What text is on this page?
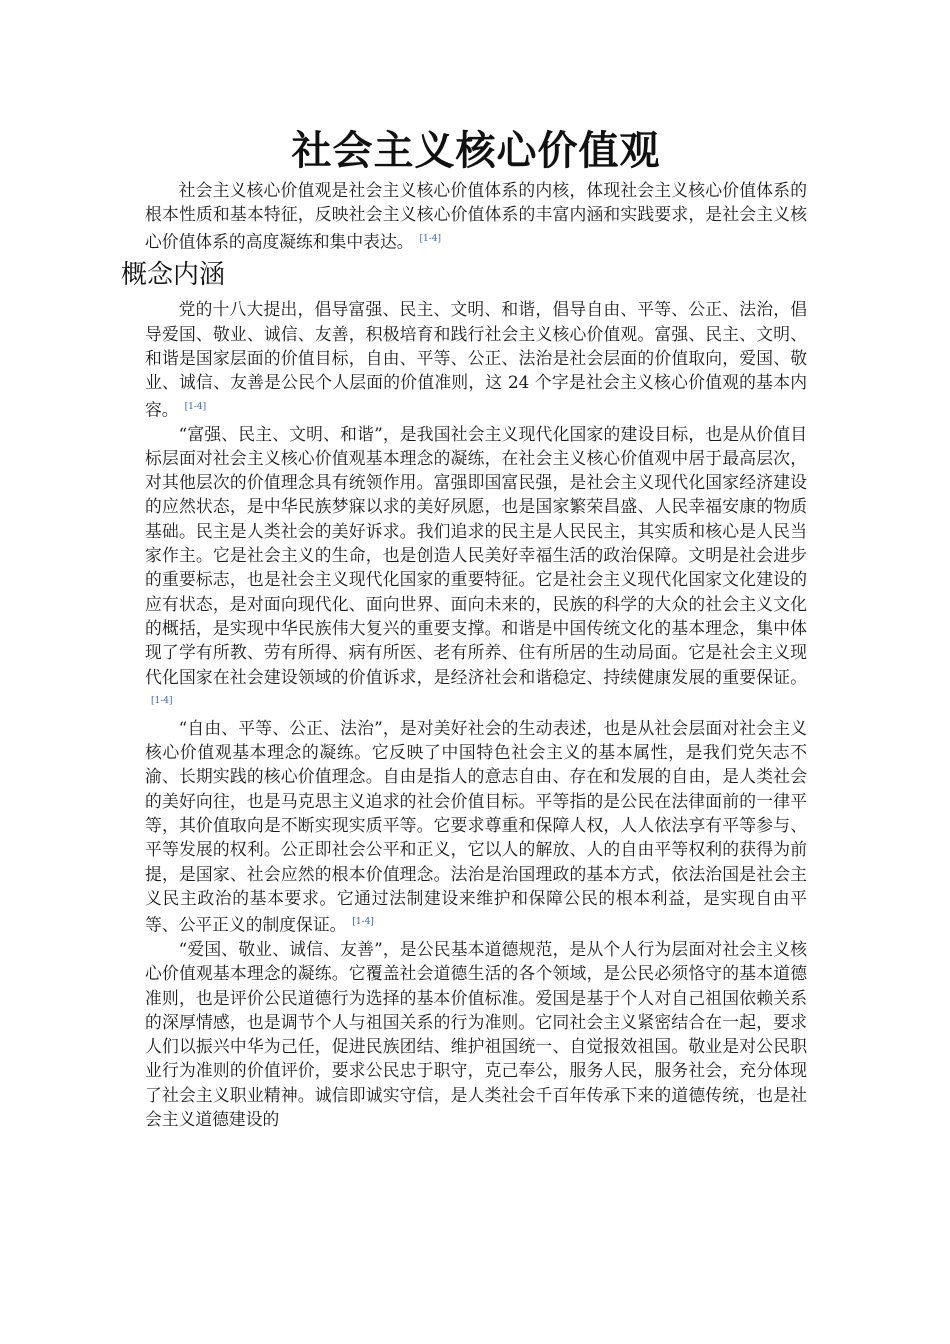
社会主义核心价值观

社会主义核心价值观是社会主义核心价值体系的内核，体现社会主义核心价值体系的根本性质和基本特征，反映社会主义核心价值体系的丰富内涵和实践要求，是社会主义核心价值体系的高度凝练和集中表达。 [1-4]

概念内涵

党的十八大提出，倡导富强、民主、文明、和谐，倡导自由、平等、公正、法治，倡导爱国、敬业、诚信、友善，积极培育和践行社会主义核心价值观。富强、民主、文明、和谐是国家层面的价值目标，自由、平等、公正、法治是社会层面的价值取向，爱国、敬业、诚信、友善是公民个人层面的价值准则，这 24 个字是社会主义核心价值观的基本内容。 [1-4]

“富强、民主、文明、和谐”，是我国社会主义现代化国家的建设目标，也是从价值目标层面对社会主义核心价值观基本理念的凝练，在社会主义核心价值观中居于最高层次，对其他层次的价值理念具有统领作用。富强即国富民强，是社会主义现代化国家经济建设的应然状态，是中华民族梦寐以求的美好夙愿，也是国家繁荣昌盛、人民幸福安康的物质基础。民主是人类社会的美好诉求。我们追求的民主是人民民主，其实质和核心是人民当家作主。它是社会主义的生命，也是创造人民美好幸福生活的政治保障。文明是社会进步的重要标志，也是社会主义现代化国家的重要特征。它是社会主义现代化国家文化建设的应有状态，是对面向现代化、面向世界、面向未来的，民族的科学的大众的社会主义文化的概括，是实现中华民族伟大复兴的重要支撑。和谐是中国传统文化的基本理念，集中体现了学有所教、劳有所得、病有所医、老有所养、住有所居的生动局面。它是社会主义现代化国家在社会建设领域的价值诉求，是经济社会和谐稳定、持续健康发展的重要保证。[1-4]

“自由、平等、公正、法治”，是对美好社会的生动表述，也是从社会层面对社会主义核心价值观基本理念的凝练。它反映了中国特色社会主义的基本属性，是我们党矢志不渝、长期实践的核心价值理念。自由是指人的意志自由、存在和发展的自由，是人类社会的美好向往，也是马克思主义追求的社会价值目标。平等指的是公民在法律面前的一律平等，其价值取向是不断实现实质平等。它要求尊重和保障人权，人人依法享有平等参与、平等发展的权利。公正即社会公平和正义，它以人的解放、人的自由平等权利的获得为前提，是国家、社会应然的根本价值理念。法治是治国理政的基本方式，依法治国是社会主义民主政治的基本要求。它通过法制建设来维护和保障公民的根本利益，是实现自由平等、公平正义的制度保证。 [1-4]

“爱国、敬业、诚信、友善”，是公民基本道德规范，是从个人行为层面对社会主义核心价值观基本理念的凝练。它覆盖社会道德生活的各个领域，是公民必须恪守的基本道德准则，也是评价公民道德行为选择的基本价值标准。爱国是基于个人对自己祖国依赖关系的深厚情感，也是调节个人与祖国关系的行为准则。它同社会主义紧密结合在一起，要求人们以振兴中华为己任，促进民族团结、维护祖国统一、自觉报效祖国。敬业是对公民职业行为准则的价值评价，要求公民忠于职守，克己奉公，服务人民，服务社会，充分体现了社会主义职业精神。诚信即诚实守信，是人类社会千百年传承下来的道德传统，也是社会主义道德建设的
